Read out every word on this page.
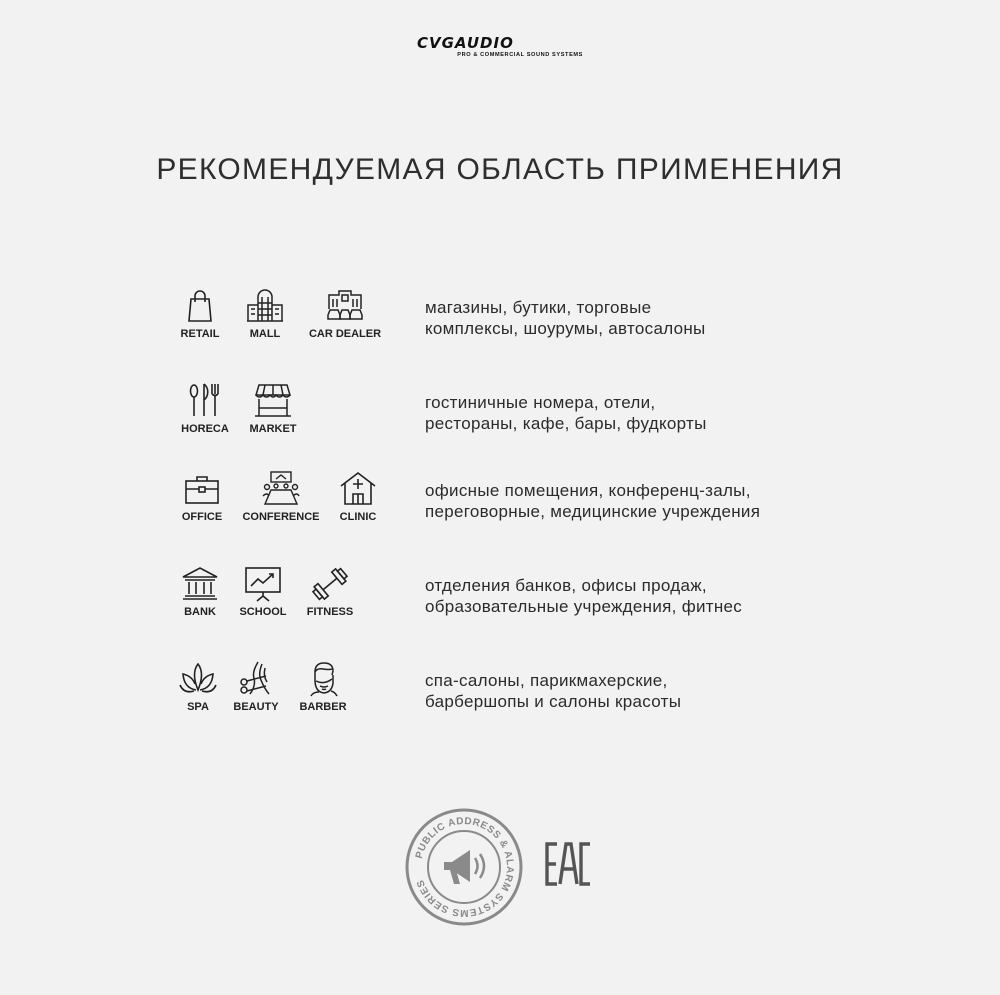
CVGAUDIO
PRO & COMMERCIAL SOUND SYSTEMS
РЕКОМЕНДУЕМАЯ ОБЛАСТЬ ПРИМЕНЕНИЯ
RETAIL	MALL	CAR DEALER
магазины, бутики, торговые
комплексы, шоурумы, автосалоны
HORECA MARKET
гостиничные номера, отели,
рестораны, кафе, бары, фудкорты
OFFICE CONFERENCE CLINIC
офисные помещения, конференц-залы,
переговорные, медицинские учреждения
BANK SCHOOL FITNESS
отделения банков, офисы продаж,
образовательные учреждения, фитнес
SPA BEAUTY BARBER
спа-салоны, парикмахерские,
барбершопы и салоны красоты
PUBLIC ADDRESS & ALARM SYSTEMS SERIES
